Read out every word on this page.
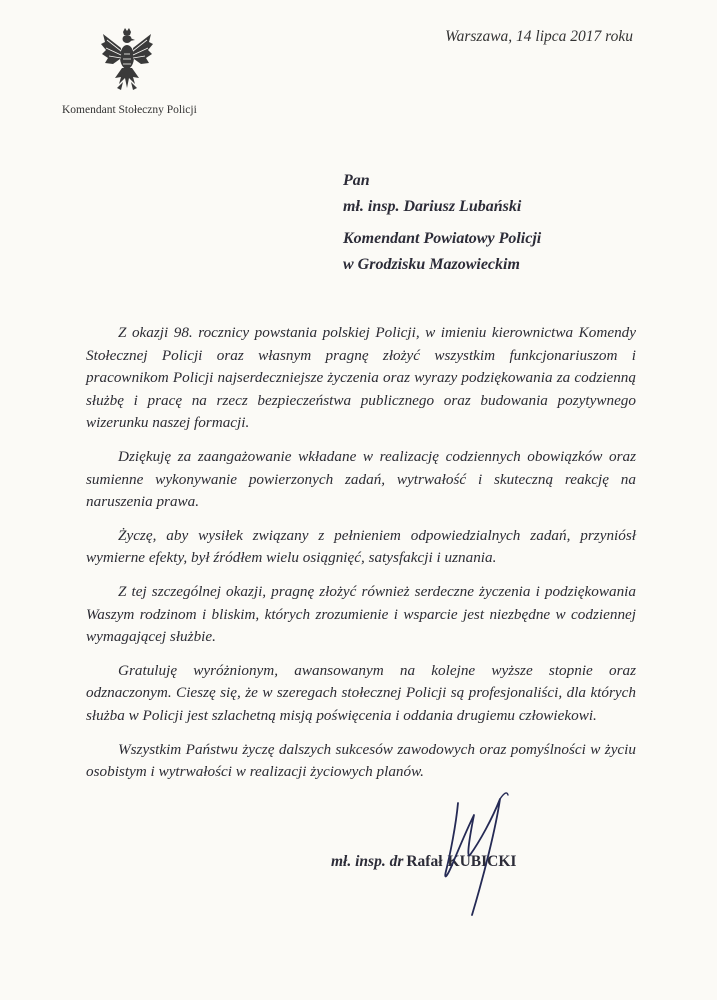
Komendant Stołeczny Policji
Warszawa, 14 lipca 2017 roku
Pan
mł. insp. Dariusz Lubański
Komendant Powiatowy Policji
w Grodzisku Mazowieckim

Z okazji 98. rocznicy powstania polskiej Policji, w imieniu kierownictwa Komendy Stołecznej Policji oraz własnym pragnę złożyć wszystkim funkcjonariuszom i pracownikom Policji najserdeczniejsze życzenia oraz wyrazy podziękowania za codzienną służbę i pracę na rzecz bezpieczeństwa publicznego oraz budowania pozytywnego wizerunku naszej formacji.

Dziękuję za zaangażowanie wkładane w realizację codziennych obowiązków oraz sumienne wykonywanie powierzonych zadań, wytrwałość i skuteczną reakcję na naruszenia prawa.

Życzę, aby wysiłek związany z pełnieniem odpowiedzialnych zadań, przyniósł wymierne efekty, był źródłem wielu osiągnięć, satysfakcji i uznania.

Z tej szczególnej okazji, pragnę złożyć również serdeczne życzenia i podziękowania Waszym rodzinom i bliskim, których zrozumienie i wsparcie jest niezbędne w codziennej wymagającej służbie.

Gratuluję wyróżnionym, awansowanym na kolejne wyższe stopnie oraz odznaczonym. Cieszę się, że w szeregach stołecznej Policji są profesjonaliści, dla których służba w Policji jest szlachetną misją poświęcenia i oddania drugiemu człowiekowi.

Wszystkim Państwu życzę dalszych sukcesów zawodowych oraz pomyślności w życiu osobistym i wytrwałości w realizacji życiowych planów.

mł. insp. dr Rafał KUBICKI
